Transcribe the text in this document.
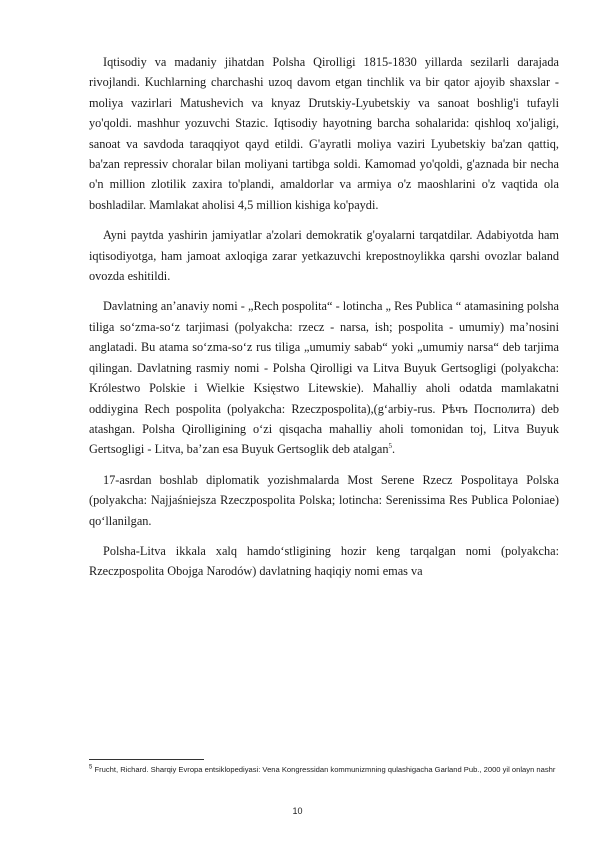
Iqtisodiy va madaniy jihatdan Polsha Qirolligi 1815-1830 yillarda sezilarli darajada rivojlandi. Kuchlarning charchashi uzoq davom etgan tinchlik va bir qator ajoyib shaxslar - moliya vazirlari Matushevich va knyaz Drutskiy-Lyubetskiy va sanoat boshlig'i tufayli yo'qoldi. mashhur yozuvchi Stazic. Iqtisodiy hayotning barcha sohalarida: qishloq xo'jaligi, sanoat va savdoda taraqqiyot qayd etildi. G'ayratli moliya vaziri Lyubetskiy ba'zan qattiq, ba'zan repressiv choralar bilan moliyani tartibga soldi. Kamomad yo'qoldi, g'aznada bir necha o'n million zlotilik zaxira to'plandi, amaldorlar va armiya o'z maoshlarini o'z vaqtida ola boshladilar. Mamlakat aholisi 4,5 million kishiga ko'paydi.

Ayni paytda yashirin jamiyatlar a'zolari demokratik g'oyalarni tarqatdilar. Adabiyotda ham iqtisodiyotga, ham jamoat axloqiga zarar yetkazuvchi krepostnoylikka qarshi ovozlar baland ovozda eshitildi.

Davlatning an’anaviy nomi - „Rech pospolita“ - lotincha „ Res Publica “ atamasining polsha tiliga so‘zma-so‘z tarjimasi (polyakcha: rzecz - narsa, ish; pospolita - umumiy) ma’nosini anglatadi. Bu atama so‘zma-so‘z rus tiliga „umumiy sabab“ yoki „umumiy narsa“ deb tarjima qilingan. Davlatning rasmiy nomi - Polsha Qirolligi va Litva Buyuk Gertsogligi (polyakcha: Królestwo Polskie i Wielkie Księstwo Litewskie). Mahalliy aholi odatda mamlakatni oddiygina Rech pospolita (polyakcha: Rzeczpospolita),(g‘arbiy-rus. Рѣчъ Посполита) deb atashgan. Polsha Qirolligining o‘zi qisqacha mahalliy aholi tomonidan toj, Litva Buyuk Gertsogligi - Litva, ba’zan esa Buyuk Gertsoglik deb atalgan$^5$.

17-asrdan boshlab diplomatik yozishmalarda Most Serene Rzecz Pospolitaya Polska (polyakcha: Najjaśniejsza Rzeczpospolita Polska; lotincha: Serenissima Res Publica Poloniae) qo‘llanilgan.

Polsha-Litva ikkala xalq hamdo‘stligining hozir keng tarqalgan nomi (polyakcha: Rzeczpospolita Obojga Narodów) davlatning haqiqiy nomi emas va

$^5$ Frucht, Richard. Sharqiy Evropa entsiklopediyasi: Vena Kongressidan kommunizmning qulashigacha Garland Pub., 2000 yil onlayn nashr
10
